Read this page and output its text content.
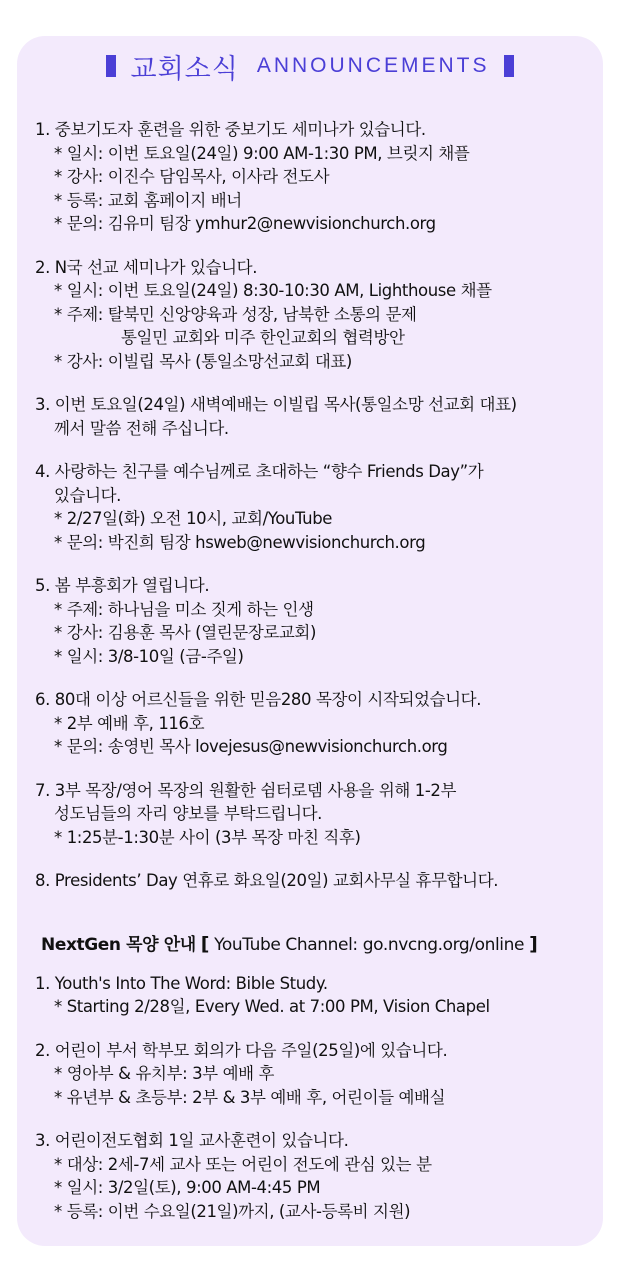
교회소식 ANNOUNCEMENTS
1. 중보기도자 훈련을 위한 중보기도 세미나가 있습니다.
* 일시: 이번 토요일(24일) 9:00 AM-1:30 PM, 브릿지 채플
* 강사: 이진수 담임목사, 이사라 전도사
* 등록: 교회 홈페이지 배너
* 문의: 김유미 팀장 ymhur2@newvisionchurch.org
2. N국 선교 세미나가 있습니다.
* 일시: 이번 토요일(24일) 8:30-10:30 AM, Lighthouse 채플
* 주제: 탈북민 신앙양육과 성장, 남북한 소통의 문제
통일민 교회와 미주 한인교회의 협력방안
* 강사: 이빌립 목사 (통일소망선교회 대표)
3. 이번 토요일(24일) 새벽예배는 이빌립 목사(통일소망 선교회 대표)
께서 말씀 전해 주십니다.
4. 사랑하는 친구를 예수님께로 초대하는 “향수 Friends Day”가
있습니다.
* 2/27일(화) 오전 10시, 교회/YouTube
* 문의: 박진희 팀장 hsweb@newvisionchurch.org
5. 봄 부흥회가 열립니다.
* 주제: 하나님을 미소 짓게 하는 인생
* 강사: 김용훈 목사 (열린문장로교회)
* 일시: 3/8-10일 (금-주일)
6. 80대 이상 어르신들을 위한 믿음280 목장이 시작되었습니다.
* 2부 예배 후, 116호
* 문의: 송영빈 목사 lovejesus@newvisionchurch.org
7. 3부 목장/영어 목장의 원활한 쉼터로뎀 사용을 위해 1-2부
성도님들의 자리 양보를 부탁드립니다.
* 1:25분-1:30분 사이 (3부 목장 마친 직후)
8. Presidents’ Day 연휴로 화요일(20일) 교회사무실 휴무합니다.
NextGen 목양 안내 [ YouTube Channel: go.nvcng.org/online ]
1. Youth's Into The Word: Bible Study.
* Starting 2/28일, Every Wed. at 7:00 PM, Vision Chapel
2. 어린이 부서 학부모 회의가 다음 주일(25일)에 있습니다.
* 영아부 & 유치부: 3부 예배 후
* 유년부 & 초등부: 2부 & 3부 예배 후, 어린이들 예배실
3. 어린이전도협회 1일 교사훈련이 있습니다.
* 대상: 2세-7세 교사 또는 어린이 전도에 관심 있는 분
* 일시: 3/2일(토), 9:00 AM-4:45 PM
* 등록: 이번 수요일(21일)까지, (교사-등록비 지원)
